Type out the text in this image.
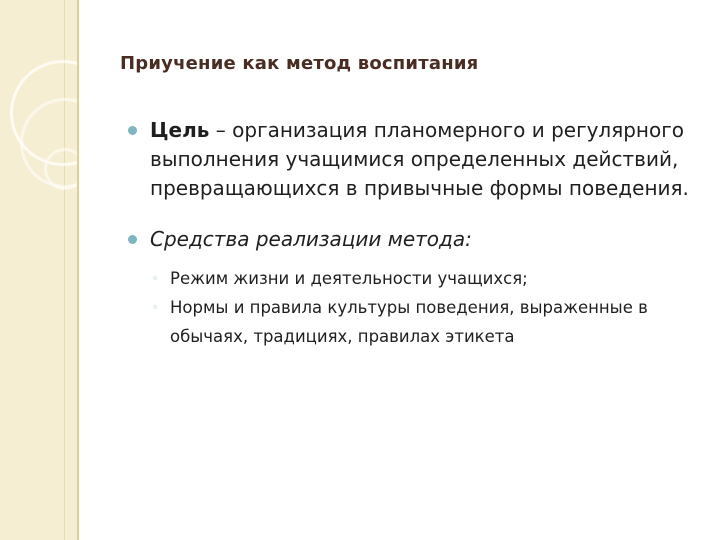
Приучение как метод воспитания
Цель – организация планомерного и регулярного выполнения учащимися определенных действий, превращающихся в привычные формы поведения.
Средства реализации метода:
◦ Режим жизни и деятельности учащихся;
◦ Нормы и правила культуры поведения, выраженные в обычаях, традициях, правилах этикета
